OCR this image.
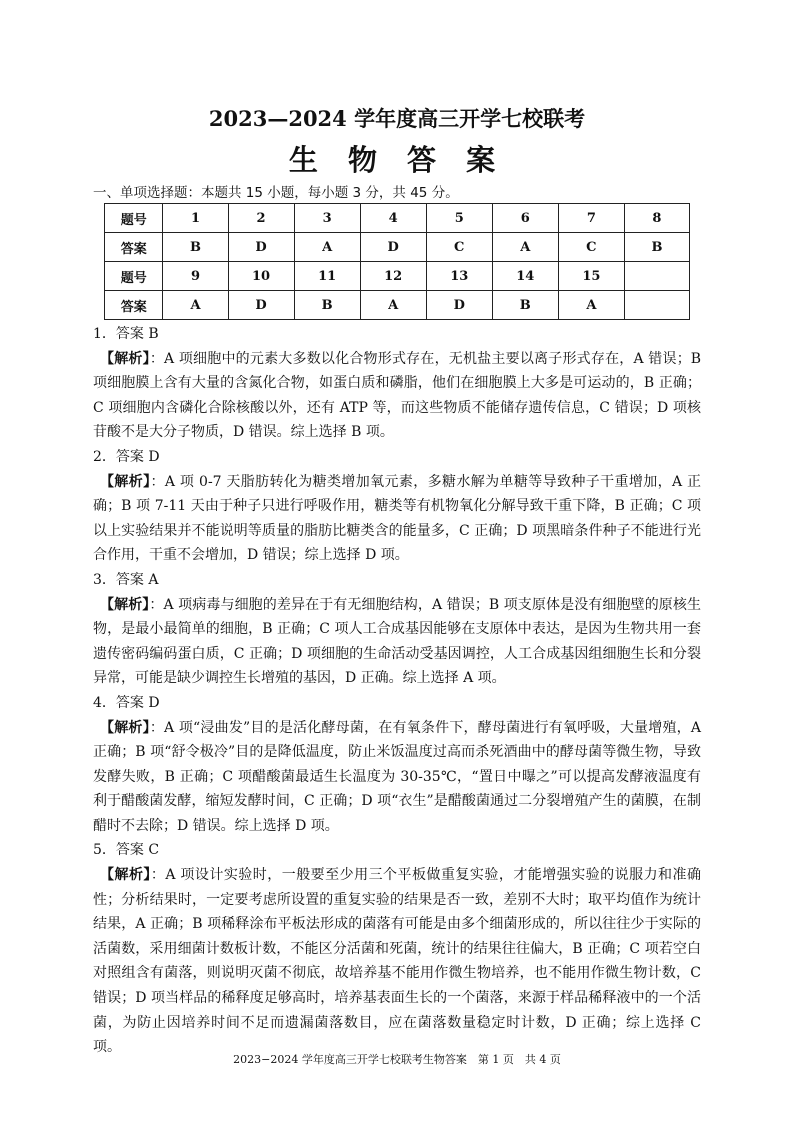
2023—2024 学年度高三开学七校联考
生 物 答 案
一、单项选择题：本题共 15 小题，每小题 3 分，共 45 分。
题号	1	2	3	4	5	6	7	8
答案	B	D	A	D	C	A	C	B
题号	9	10	11	12	13	14	15	
答案	A	D	B	A	D	B	A	

1．答案 B

【解析】：A 项细胞中的元素大多数以化合物形式存在，无机盐主要以离子形式存在，A 错误；B 项细胞膜上含有大量的含氮化合物，如蛋白质和磷脂，他们在细胞膜上大多是可运动的，B 正确；C 项细胞内含磷化合除核酸以外，还有 ATP 等，而这些物质不能储存遗传信息，C 错误；D 项核苷酸不是大分子物质，D 错误。综上选择 B 项。

2．答案 D

【解析】：A 项 0-7 天脂肪转化为糖类增加氧元素，多糖水解为单糖等导致种子干重增加，A 正确；B 项 7-11 天由于种子只进行呼吸作用，糖类等有机物氧化分解导致干重下降，B 正确；C 项以上实验结果并不能说明等质量的脂肪比糖类含的能量多，C 正确；D 项黑暗条件种子不能进行光合作用，干重不会增加，D 错误；综上选择 D 项。

3．答案 A

【解析】：A 项病毒与细胞的差异在于有无细胞结构，A 错误；B 项支原体是没有细胞壁的原核生物，是最小最简单的细胞，B 正确；C 项人工合成基因能够在支原体中表达，是因为生物共用一套遗传密码编码蛋白质，C 正确；D 项细胞的生命活动受基因调控，人工合成基因组细胞生长和分裂异常，可能是缺少调控生长增殖的基因，D 正确。综上选择 A 项。

4．答案 D

【解析】：A 项“浸曲发”目的是活化酵母菌，在有氧条件下，酵母菌进行有氧呼吸，大量增殖，A 正确；B 项“舒令极冷”目的是降低温度，防止米饭温度过高而杀死酒曲中的酵母菌等微生物，导致发酵失败，B 正确；C 项醋酸菌最适生长温度为 30-35℃，“置日中曝之”可以提高发酵液温度有利于醋酸菌发酵，缩短发酵时间，C 正确；D 项“衣生”是醋酸菌通过二分裂增殖产生的菌膜，在制醋时不去除；D 错误。综上选择 D 项。

5．答案 C

【解析】：A 项设计实验时，一般要至少用三个平板做重复实验，才能增强实验的说服力和准确性；分析结果时，一定要考虑所设置的重复实验的结果是否一致，差别不大时；取平均值作为统计结果，A 正确；B 项稀释涂布平板法形成的菌落有可能是由多个细菌形成的，所以往往少于实际的活菌数，采用细菌计数板计数，不能区分活菌和死菌，统计的结果往往偏大，B 正确；C 项若空白对照组含有菌落，则说明灭菌不彻底，故培养基不能用作微生物培养，也不能用作微生物计数，C 错误；D 项当样品的稀释度足够高时，培养基表面生长的一个菌落，来源于样品稀释液中的一个活菌，为防止因培养时间不足而遗漏菌落数目，应在菌落数量稳定时计数，D 正确；综上选择 C 项。

2023−2024 学年度高三开学七校联考生物答案　第 1 页　共 4 页
